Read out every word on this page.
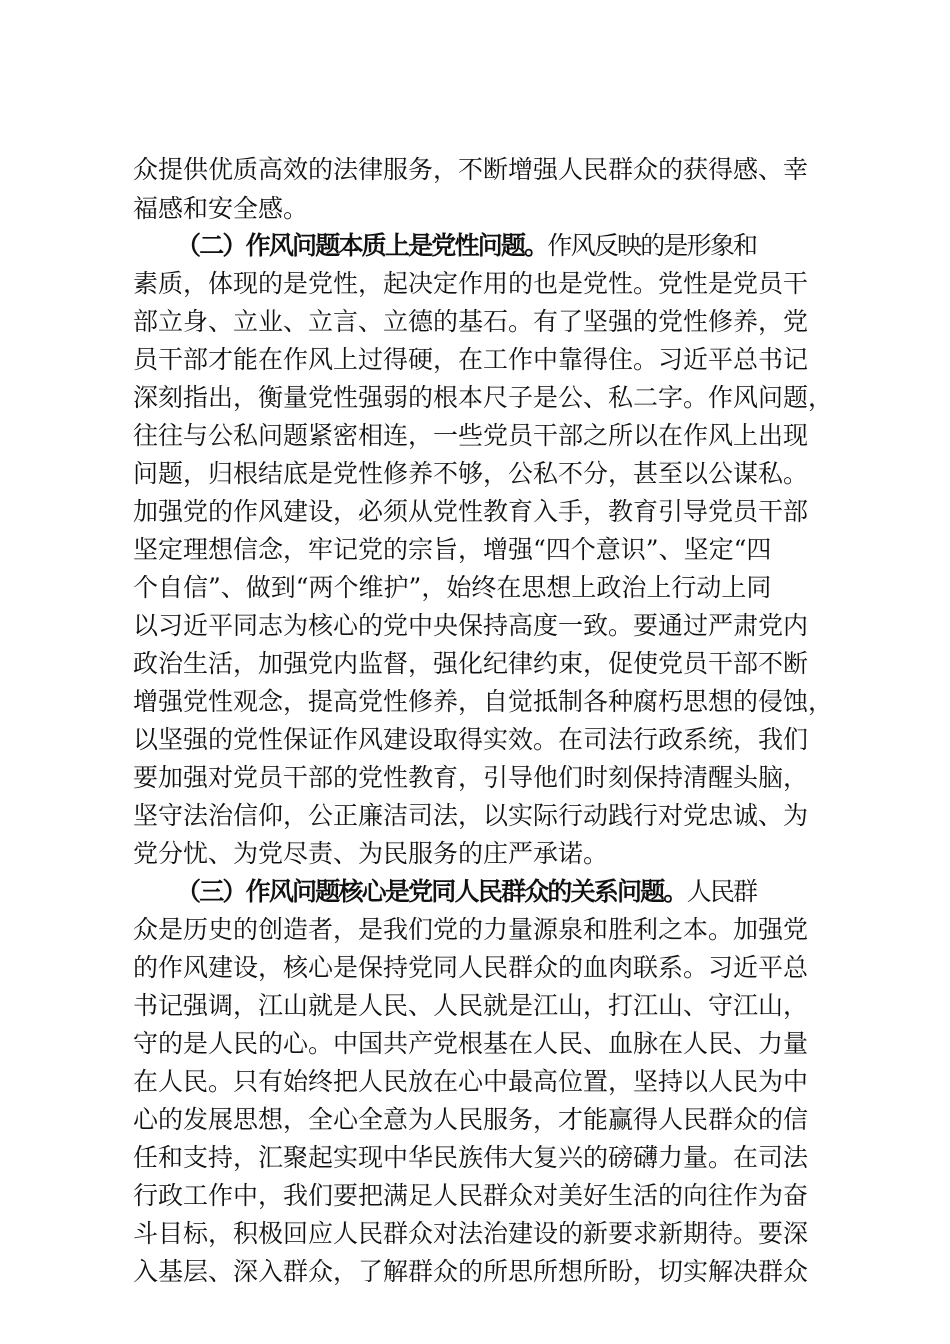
众提供优质高效的法律服务，不断增强人民群众的获得感、幸
福感和安全感。
（二）作风问题本质上是党性问题。作风反映的是形象和
素质，体现的是党性，起决定作用的也是党性。党性是党员干
部立身、立业、立言、立德的基石。有了坚强的党性修养，党
员干部才能在作风上过得硬，在工作中靠得住。习近平总书记
深刻指出，衡量党性强弱的根本尺子是公、私二字。作风问题，
往往与公私问题紧密相连，一些党员干部之所以在作风上出现
问题，归根结底是党性修养不够，公私不分，甚至以公谋私。
加强党的作风建设，必须从党性教育入手，教育引导党员干部
坚定理想信念，牢记党的宗旨，增强“四个意识”、坚定“四
个自信”、做到“两个维护”，始终在思想上政治上行动上同
以习近平同志为核心的党中央保持高度一致。要通过严肃党内
政治生活，加强党内监督，强化纪律约束，促使党员干部不断
增强党性观念，提高党性修养，自觉抵制各种腐朽思想的侵蚀，
以坚强的党性保证作风建设取得实效。在司法行政系统，我们
要加强对党员干部的党性教育，引导他们时刻保持清醒头脑，
坚守法治信仰，公正廉洁司法，以实际行动践行对党忠诚、为
党分忧、为党尽责、为民服务的庄严承诺。
（三）作风问题核心是党同人民群众的关系问题。人民群
众是历史的创造者，是我们党的力量源泉和胜利之本。加强党
的作风建设，核心是保持党同人民群众的血肉联系。习近平总
书记强调，江山就是人民、人民就是江山，打江山、守江山，
守的是人民的心。中国共产党根基在人民、血脉在人民、力量
在人民。只有始终把人民放在心中最高位置，坚持以人民为中
心的发展思想，全心全意为人民服务，才能赢得人民群众的信
任和支持，汇聚起实现中华民族伟大复兴的磅礴力量。在司法
行政工作中，我们要把满足人民群众对美好生活的向往作为奋
斗目标，积极回应人民群众对法治建设的新要求新期待。要深
入基层、深入群众，了解群众的所思所想所盼，切实解决群众
